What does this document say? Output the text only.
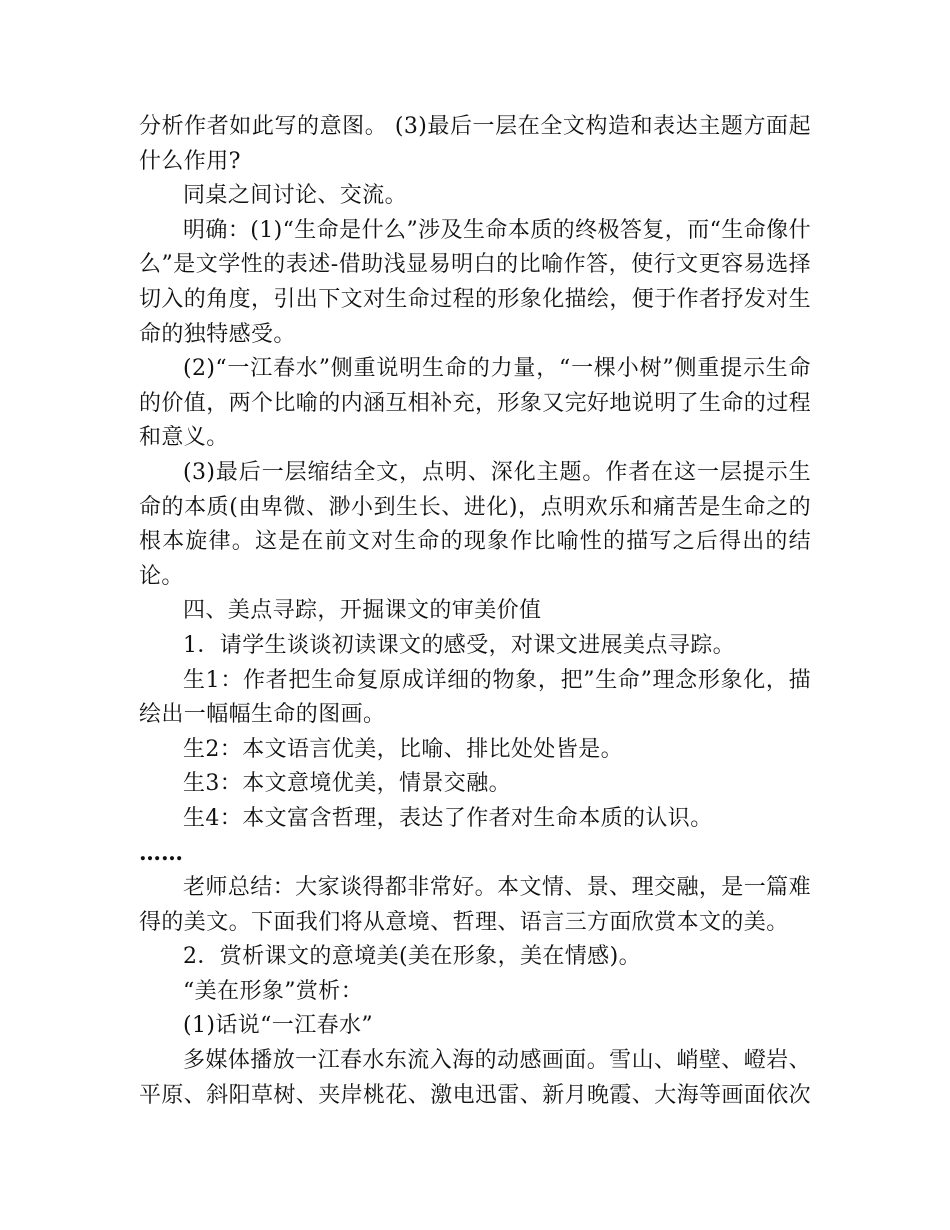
分析作者如此写的意图。 (3)最后一层在全文构造和表达主题方面起什么作用?

同桌之间讨论、交流。

明确：(1)“生命是什么”涉及生命本质的终极答复，而“生命像什么”是文学性的表述-借助浅显易明白的比喻作答，使行文更容易选择切入的角度，引出下文对生命过程的形象化描绘，便于作者抒发对生命的独特感受。

(2)“一江春水”侧重说明生命的力量，“一棵小树”侧重提示生命的价值，两个比喻的内涵互相补充，形象又完好地说明了生命的过程和意义。

(3)最后一层缩结全文，点明、深化主题。作者在这一层提示生命的本质(由卑微、渺小到生长、进化)，点明欢乐和痛苦是生命之的根本旋律。这是在前文对生命的现象作比喻性的描写之后得出的结论。

四、美点寻踪，开掘课文的审美价值

1．请学生谈谈初读课文的感受，对课文进展美点寻踪。

生1：作者把生命复原成详细的物象，把”生命”理念形象化，描绘出一幅幅生命的图画。

生2：本文语言优美，比喻、排比处处皆是。

生3：本文意境优美，情景交融。

生4：本文富含哲理，表达了作者对生命本质的认识。

……

老师总结：大家谈得都非常好。本文情、景、理交融，是一篇难得的美文。下面我们将从意境、哲理、语言三方面欣赏本文的美。

2．赏析课文的意境美(美在形象，美在情感)。

“美在形象”赏析：

(1)话说“一江春水”

多媒体播放一江春水东流入海的动感画面。雪山、峭壁、嶝岩、平原、斜阳草树、夹岸桃花、激电迅雷、新月晚霞、大海等画面依次
